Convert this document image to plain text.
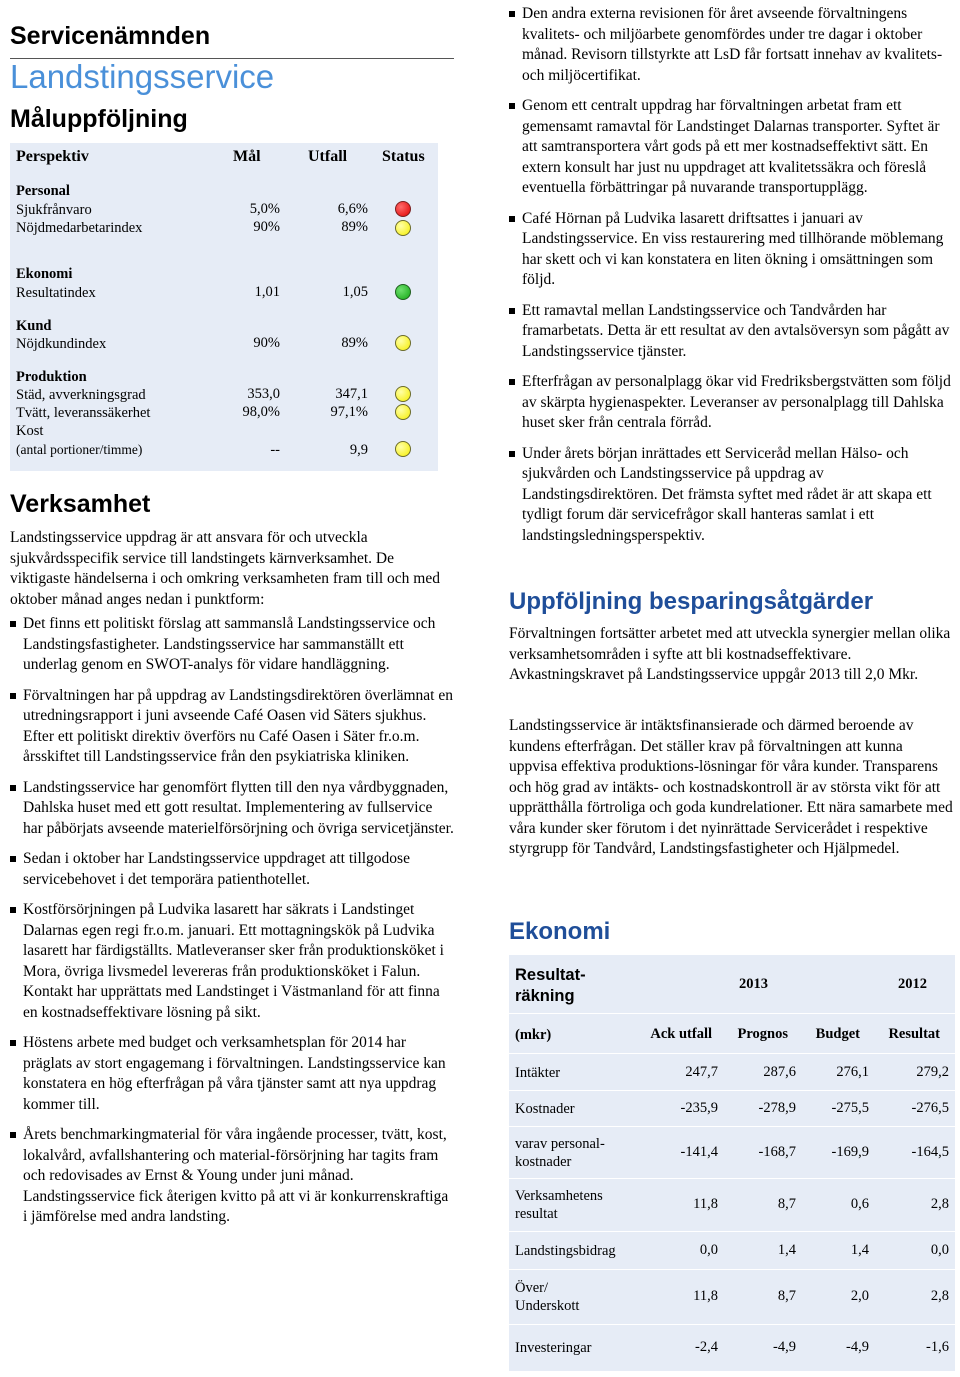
Servicenämnden
Landstingsservice
Måluppföljning
Perspektiv	Mål	Utfall Status
Personal
Sjukfrånvaro	5,0%	6,6%
Nöjdmedarbetarindex	90%	89%
Ekonomi
Resultatindex	1,01	1,05
Kund
Nöjdkundindex	90%	89%
Produktion
Städ, avverkningsgrad	353,0	347,1
Tvätt, leveranssäkerhet	98,0%	97,1%
Kost
(antal portioner/timme)	--	9,9
Verksamhet
Landstingsservice uppdrag är att ansvara för och utveckla sjukvårdsspecifik service till landstingets kärnverksamhet. De viktigaste händelserna i och omkring verksamheten fram till och med oktober månad anges nedan i punktform:
Det finns ett politiskt förslag att sammanslå Landstingsservice och Landstingsfastigheter. Landstingsservice har sammanställt ett underlag genom en SWOT-analys för vidare handläggning.
Förvaltningen har på uppdrag av Landstingsdirektören överlämnat en utredningsrapport i juni avseende Café Oasen vid Säters sjukhus. Efter ett politiskt direktiv överförs nu Café Oasen i Säter fr.o.m. årsskiftet till Landstingsservice från den psykiatriska kliniken.
Landstingsservice har genomfört flytten till den nya vårdbyggnaden, Dahlska huset med ett gott resultat. Implementering av fullservice har påbörjats avseende materielförsörjning och övriga servicetjänster.
Sedan i oktober har Landstingsservice uppdraget att tillgodose servicebehovet i det temporära patienthotellet.
Kostförsörjningen på Ludvika lasarett har säkrats i Landstinget Dalarnas egen regi fr.o.m. januari. Ett mottagningskök på Ludvika lasarett har färdigställts. Matleveranser sker från produktionsköket i Mora, övriga livsmedel levereras från produktionsköket i Falun. Kontakt har upprättats med Landstinget i Västmanland för att finna en kostnadseffektivare lösning på sikt.
Höstens arbete med budget och verksamhetsplan för 2014 har präglats av stort engagemang i förvaltningen. Landstingsservice kan konstatera en hög efterfrågan på våra tjänster samt att nya uppdrag kommer till.
Årets benchmarkingmaterial för våra ingående processer, tvätt, kost, lokalvård, avfallshantering och material-försörjning har tagits fram och redovisades av Ernst & Young under juni månad. Landstingsservice fick återigen kvitto på att vi är konkurrenskraftiga i jämförelse med andra landsting.
Den andra externa revisionen för året avseende förvaltningens kvalitets- och miljöarbete genomfördes under tre dagar i oktober månad. Revisorn tillstyrkte att LsD får fortsatt innehav av kvalitets- och miljöcertifikat.
Genom ett centralt uppdrag har förvaltningen arbetat fram ett gemensamt ramavtal för Landstinget Dalarnas transporter. Syftet är att samtransportera vårt gods på ett mer kostnadseffektivt sätt. En extern konsult har just nu uppdraget att kvalitetssäkra och föreslå eventuella förbättringar på nuvarande transportupplägg.
Café Hörnan på Ludvika lasarett driftsattes i januari av Landstingsservice. En viss restaurering med tillhörande möblemang har skett och vi kan konstatera en liten ökning i omsättningen som följd.
Ett ramavtal mellan Landstingsservice och Tandvården har framarbetats. Detta är ett resultat av den avtalsöversyn som pågått av Landstingsservice tjänster.
Efterfrågan av personalplagg ökar vid Fredriksbergstvätten som följd av skärpta hygienaspekter. Leveranser av personalplagg till Dahlska huset sker från centrala förråd.
Under årets början inrättades ett Serviceråd mellan Hälso- och sjukvården och Landstingsservice på uppdrag av Landstingsdirektören. Det främsta syftet med rådet är att skapa ett tydligt forum där servicefrågor skall hanteras samlat i ett landstingsledningsperspektiv.
Uppföljning besparingsåtgärder

Förvaltningen fortsätter arbetet med att utveckla synergier mellan olika verksamhetsområden i syfte att bli kostnadseffektivare. Avkastningskravet på Landstingsservice uppgår 2013 till 2,0 Mkr.

Landstingsservice är intäktsfinansierade och därmed beroende av kundens efterfrågan. Det ställer krav på förvaltningen att kunna uppvisa effektiva produktions-lösningar för våra kunder. Transparens och hög grad av intäkts- och kostnadskontroll är av största vikt för att upprätthålla förtroliga och goda kundrelationer. Ett nära samarbete med våra kunder sker förutom i det nyinrättade Servicerådet i respektive styrgrupp för Tandvård, Landstingsfastigheter och Hjälpmedel.

Ekonomi
Resultat-
räkning
2013	2012
(mkr)	Ack utfall	Prognos	Budget	Resultat
Intäkter	247,7	287,6	276,1	279,2
Kostnader	-235,9	-278,9	-275,5	-276,5
varav personal-
kostnader
-141,4	-168,7	-169,9	-164,5
Verksamhetens
resultat
11,8	8,7	0,6	2,8
Landstingsbidrag	0,0	1,4	1,4	0,0
Över/
Underskott
11,8	8,7	2,0	2,8
Investeringar	-2,4	-4,9	-4,9	-1,6
